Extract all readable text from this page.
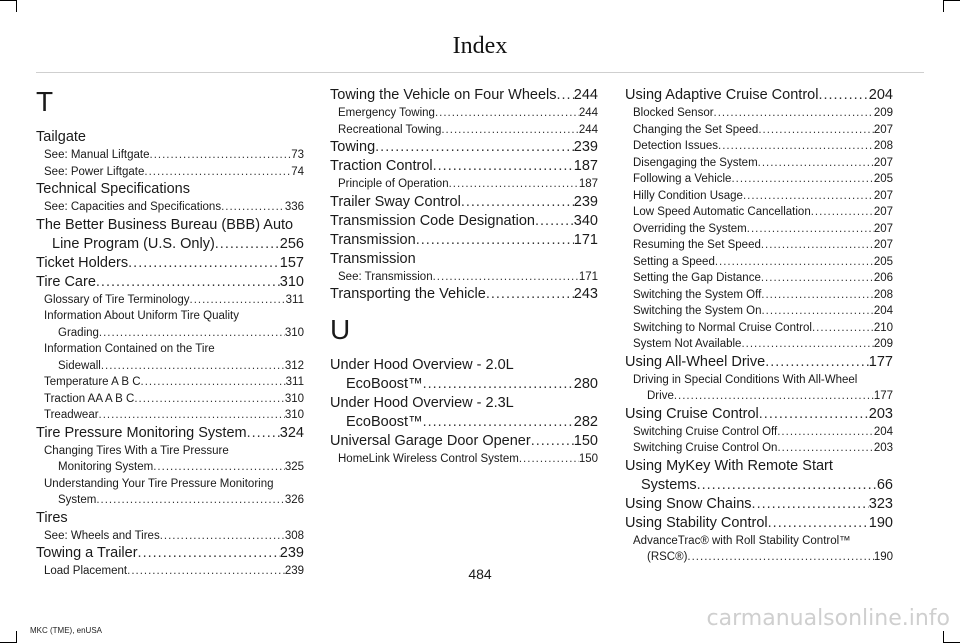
Index
T
Tailgate
See: Manual Liftgate .....	73
See: Power Liftgate .....	74
Technical Specifications
See: Capacities and Specifications .....	336
The Better Business Bureau (BBB) Auto
Line Program (U.S. Only) .....	256
Ticket Holders .....	157
Tire Care .....	310
Glossary of Tire Terminology .....	311
Information About Uniform Tire Quality
Grading .....	310
Information Contained on the Tire
Sidewall .....	312
Temperature A B C .....	311
Traction AA A B C .....	310
Treadwear .....	310
Tire Pressure Monitoring System ..... 324
Changing Tires With a Tire Pressure
Monitoring System .....	325
Understanding Your Tire Pressure Monitoring
System .....	326
Tires
See: Wheels and Tires .....	308
Towing a Trailer .....	239
Load Placement .....	239
Towing the Vehicle on Four Wheels ..... 244
Emergency Towing .....	244
Recreational Towing .....	244
Towing .....	239
Traction Control .....	187
Principle of Operation .....	187
Trailer Sway Control .....	239
Transmission Code Designation .....	340
Transmission .....	171
Transmission
See: Transmission .....	171
Transporting the Vehicle .....	243
U
Under Hood Overview - 2.0L
EcoBoost™ .....	280
Under Hood Overview - 2.3L
EcoBoost™ .....	282
Universal Garage Door Opener .....	150
HomeLink Wireless Control System .....	150
Using Adaptive Cruise Control .....	204
Blocked Sensor .....	209
Changing the Set Speed .....	207
Detection Issues .....	208
Disengaging the System .....	207
Following a Vehicle .....	205
Hilly Condition Usage .....	207
Low Speed Automatic Cancellation .....	207
Overriding the System .....	207
Resuming the Set Speed .....	207
Setting a Speed .....	205
Setting the Gap Distance .....	206
Switching the System Off .....	208
Switching the System On .....	204
Switching to Normal Cruise Control .....	210
System Not Available .....	209
Using All-Wheel Drive .....	177
Driving in Special Conditions With All-Wheel
Drive .....	177
Using Cruise Control .....	203
Switching Cruise Control Off .....	204
Switching Cruise Control On .....	203
Using MyKey With Remote Start
Systems .....	66
Using Snow Chains .....	323
Using Stability Control .....	190
AdvanceTrac® with Roll Stability Control™
(RSC®) .....	190
484
MKC (TME), enUSA	carmanualsonline.info
